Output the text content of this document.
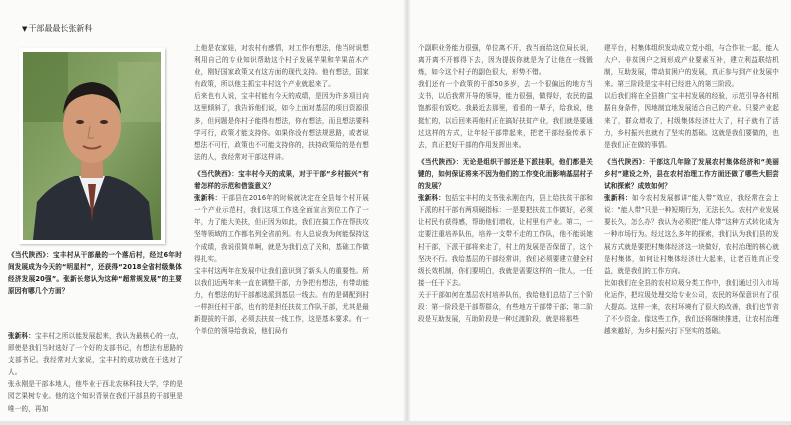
▼干部最最长张新科
《当代陕西》：宝丰村从干部最的一个落后村，经过6年时间发展成为今天的“明星村”，还获得“2018全省村级集体经济发展20强”。张新长您认为这种“超常规发展”的主要原因有哪几个方面？

张新科：宝丰村之所以能发展起来，我认为最核心的一点，即使是我们当时选好了一个好的支部书记，有想法有思路的支部书记。我经常对大家说，宝丰村的成功就在于选对了人。

张永刚是干部本地人，他毕业于西北农林科技大学，学的是园艺果树专业。他的这个知识背景在我们干部县的干部里是唯一的，再加

上他是农家娃，对农村有感情，对工作有想法，他当时说想利用自己的专业知识帮助这个村子发展苹果和苹果苗木产业，刚好国家政策又有这方面的现代支持。他有想法，国家有政策，所以他主抓宝丰村这个产业就起来了。

后来也有人说，宝丰村能有今天的成绩，是因为许多项目向这里倾斜了，我告诉他们说，如今上面对基层的项目资源很多，但问题是你村子能得有想法，你有想法，而且想法要科学可行，政策才能支持你。如果你没有想法规思路，或者说想法不可行，政策也不可能支持你的，扶持政策给的是有想法的人，我经常对干部这样讲。

《当代陕西》：宝丰村今天的成果，对于干部“乡村振兴”有着怎样的示范和借鉴意义？

张新科：干部县在2016年的时候就决定在全县每个村开展一个产业示范村，我们这项工作选全面宣言到位工作了一年，力了能大美扶，但正因为如此，我们在搞工作在帮扶攻坚等领域的工作都名列全省前列。有人总说我为何能保持这个成绩，我说很简单啊，就是为我们点了关和，基础工作做得扎实。

宝丰村这两年在发展中让我们意识到了新头人的重要性。所以我们近两年来一直在调整干部，力争把有想法，有带动能力，有想法的好干部都选派到基层一线去。有的是调配到村一样担任村干部，也有的是担任扶贫工作队干部，尤其是最新提拔的干部，必须去扶贫一线工作，这是基本要求。有一个单位的领导给我说，他们局有

个副职业务能力很强，单位离不开，我当面给这位局长说，离开离不开都得下去，因为提拔你就是为了让他在一线锻炼，如今这个村子的副色很大，形势不错。

我们还有一个政策的干部50多岁，去一个很偏远的地方当支书，以后我常开导的领导，能力很强，做得好，农民的温饱都很有饭吃。我最近去那里，看看的一辈子，给我说，他挺忙的，以后回来再他村正在搞好扶贫产业，我们就是要通过这样的方式，让年轻干部带起来，把老干部经验传承下去，真正把好干部的作用发挥出来。

《当代陕西》：无论是组织干部还是下派挂职，他们都是关键的，如何保证将来不因为他们的工作变化而影响基层村子的发展？

张新科：包括宝丰村的支书张永刚在内，县上给扶贫干部和下派的村干部有两项硬指标：一是要把扶贫工作做好，必须让村民有获得感，帮助他们增收，让村里有产业。第二，一定要注重培养队伍，培养一支带不走的工作队，他不能说她村干部，下派干部将来走了，村上的发展是否保留了，这个坚决不行。我给基层的干部经常讲，我们必须要建立健全村级长效机制，你们要明白，我就是需要这样的一批人，一任接一任干下去。

关于干部如何在基层农村培养队伍，我给他们总结了三个阶段：第一阶段是干部帮群众，有些地方干部带干部；第二阶段是互助发展，互助阶段是一种过渡阶段，就是将那些

建平台，村集体组织发动成立党小组，与合作社一起，能人大户、非贫困户之间形成产业要素互补，建立利益联结机制，互助发展，带动贫困户的发展，真正参与到产业发展中来。第三阶段是宝丰村已经进入的第三阶段。

以后我们将在全县推广宝丰村发展的经验，示范引导各村根据自身条件，因地制宜地发展适合自己的产业。只要产业起来了，群众增收了，村级集体经济壮大了，村子就有了活力，乡村振兴也就有了坚实的基础。这就是我们要做的，也是我们正在做的事情。

《当代陕西》：干部这几年除了发展农村集体经济和“美丽乡村”建设之外，县在农村治理工作方面还做了哪些大胆尝试和探索？成效如何？

张新科：如今农村发展都讲“能人带”效应，我经常在会上说：“能人带”只是一种短期行为，无法长久。农村产业发展要长久，怎么办？我认为必须把“能人带”这种方式转化成为一种市场行为。经过这么多年的探索，我们认为我们县的发展方式就是要把村集体经济这一块做好，农村治理的核心就是村集体，如何让村集体经济壮大起来，让老百姓真正受益，就是我们的工作方向。

比如我们在全县的农村垃圾分类工作中，我们通过引入市场化运作，把垃圾处理交给专业公司，农民的环保意识有了很大提高。这样一来，农村环境有了很大的改善，我们也节省了不少资金。像这些工作，我们还将继续推进，让农村治理越来越好，为乡村振兴打下坚实的基础。
